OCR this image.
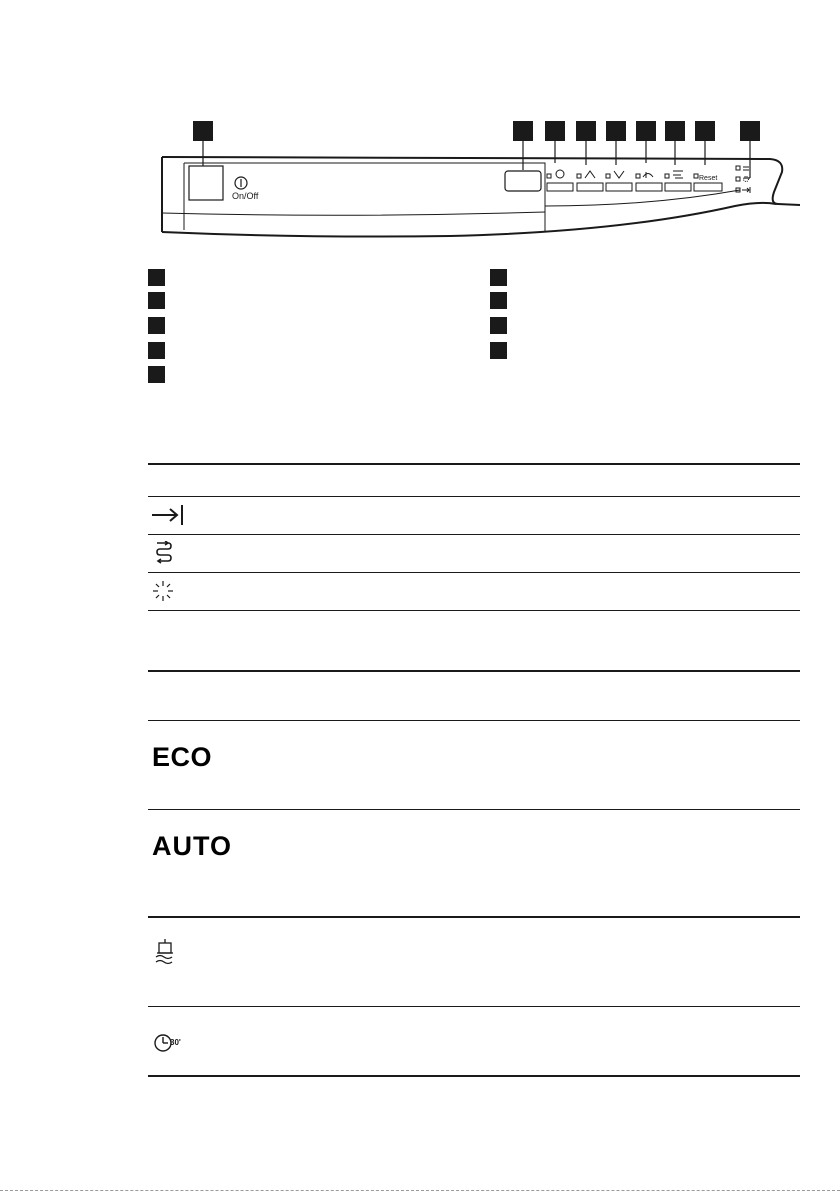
On/Off
Reset
ECO
AUTO
30'
